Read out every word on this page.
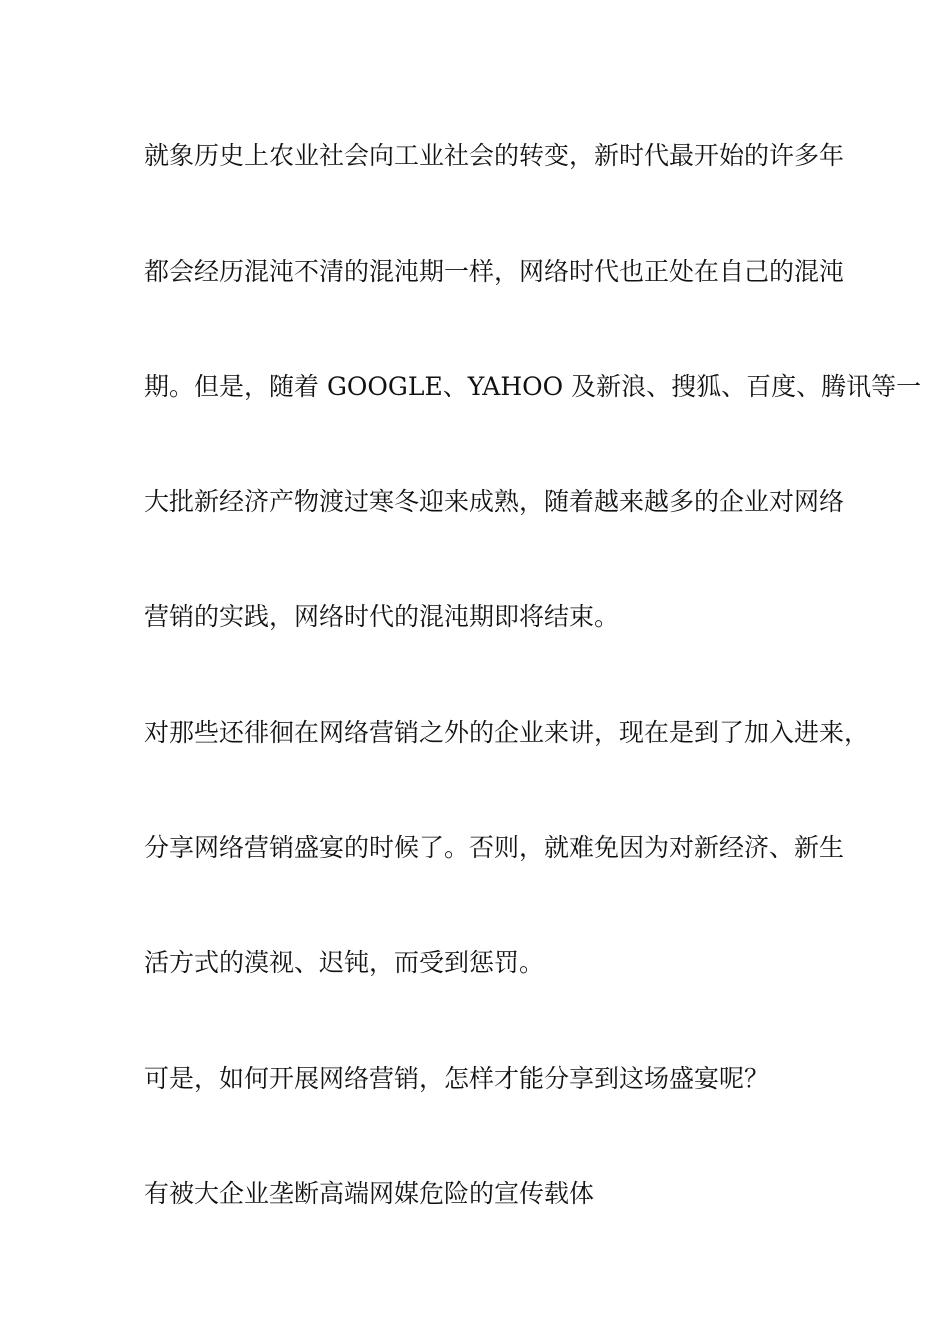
就象历史上农业社会向工业社会的转变，新时代最开始的许多年
都会经历混沌不清的混沌期一样，网络时代也正处在自己的混沌
期。但是，随着 GOOGLE、YAHOO 及新浪、搜狐、百度、腾讯等一
大批新经济产物渡过寒冬迎来成熟，随着越来越多的企业对网络
营销的实践，网络时代的混沌期即将结束。
对那些还徘徊在网络营销之外的企业来讲，现在是到了加入进来，
分享网络营销盛宴的时候了。否则，就难免因为对新经济、新生
活方式的漠视、迟钝，而受到惩罚。
可是，如何开展网络营销，怎样才能分享到这场盛宴呢？
有被大企业垄断高端网媒危险的宣传载体
